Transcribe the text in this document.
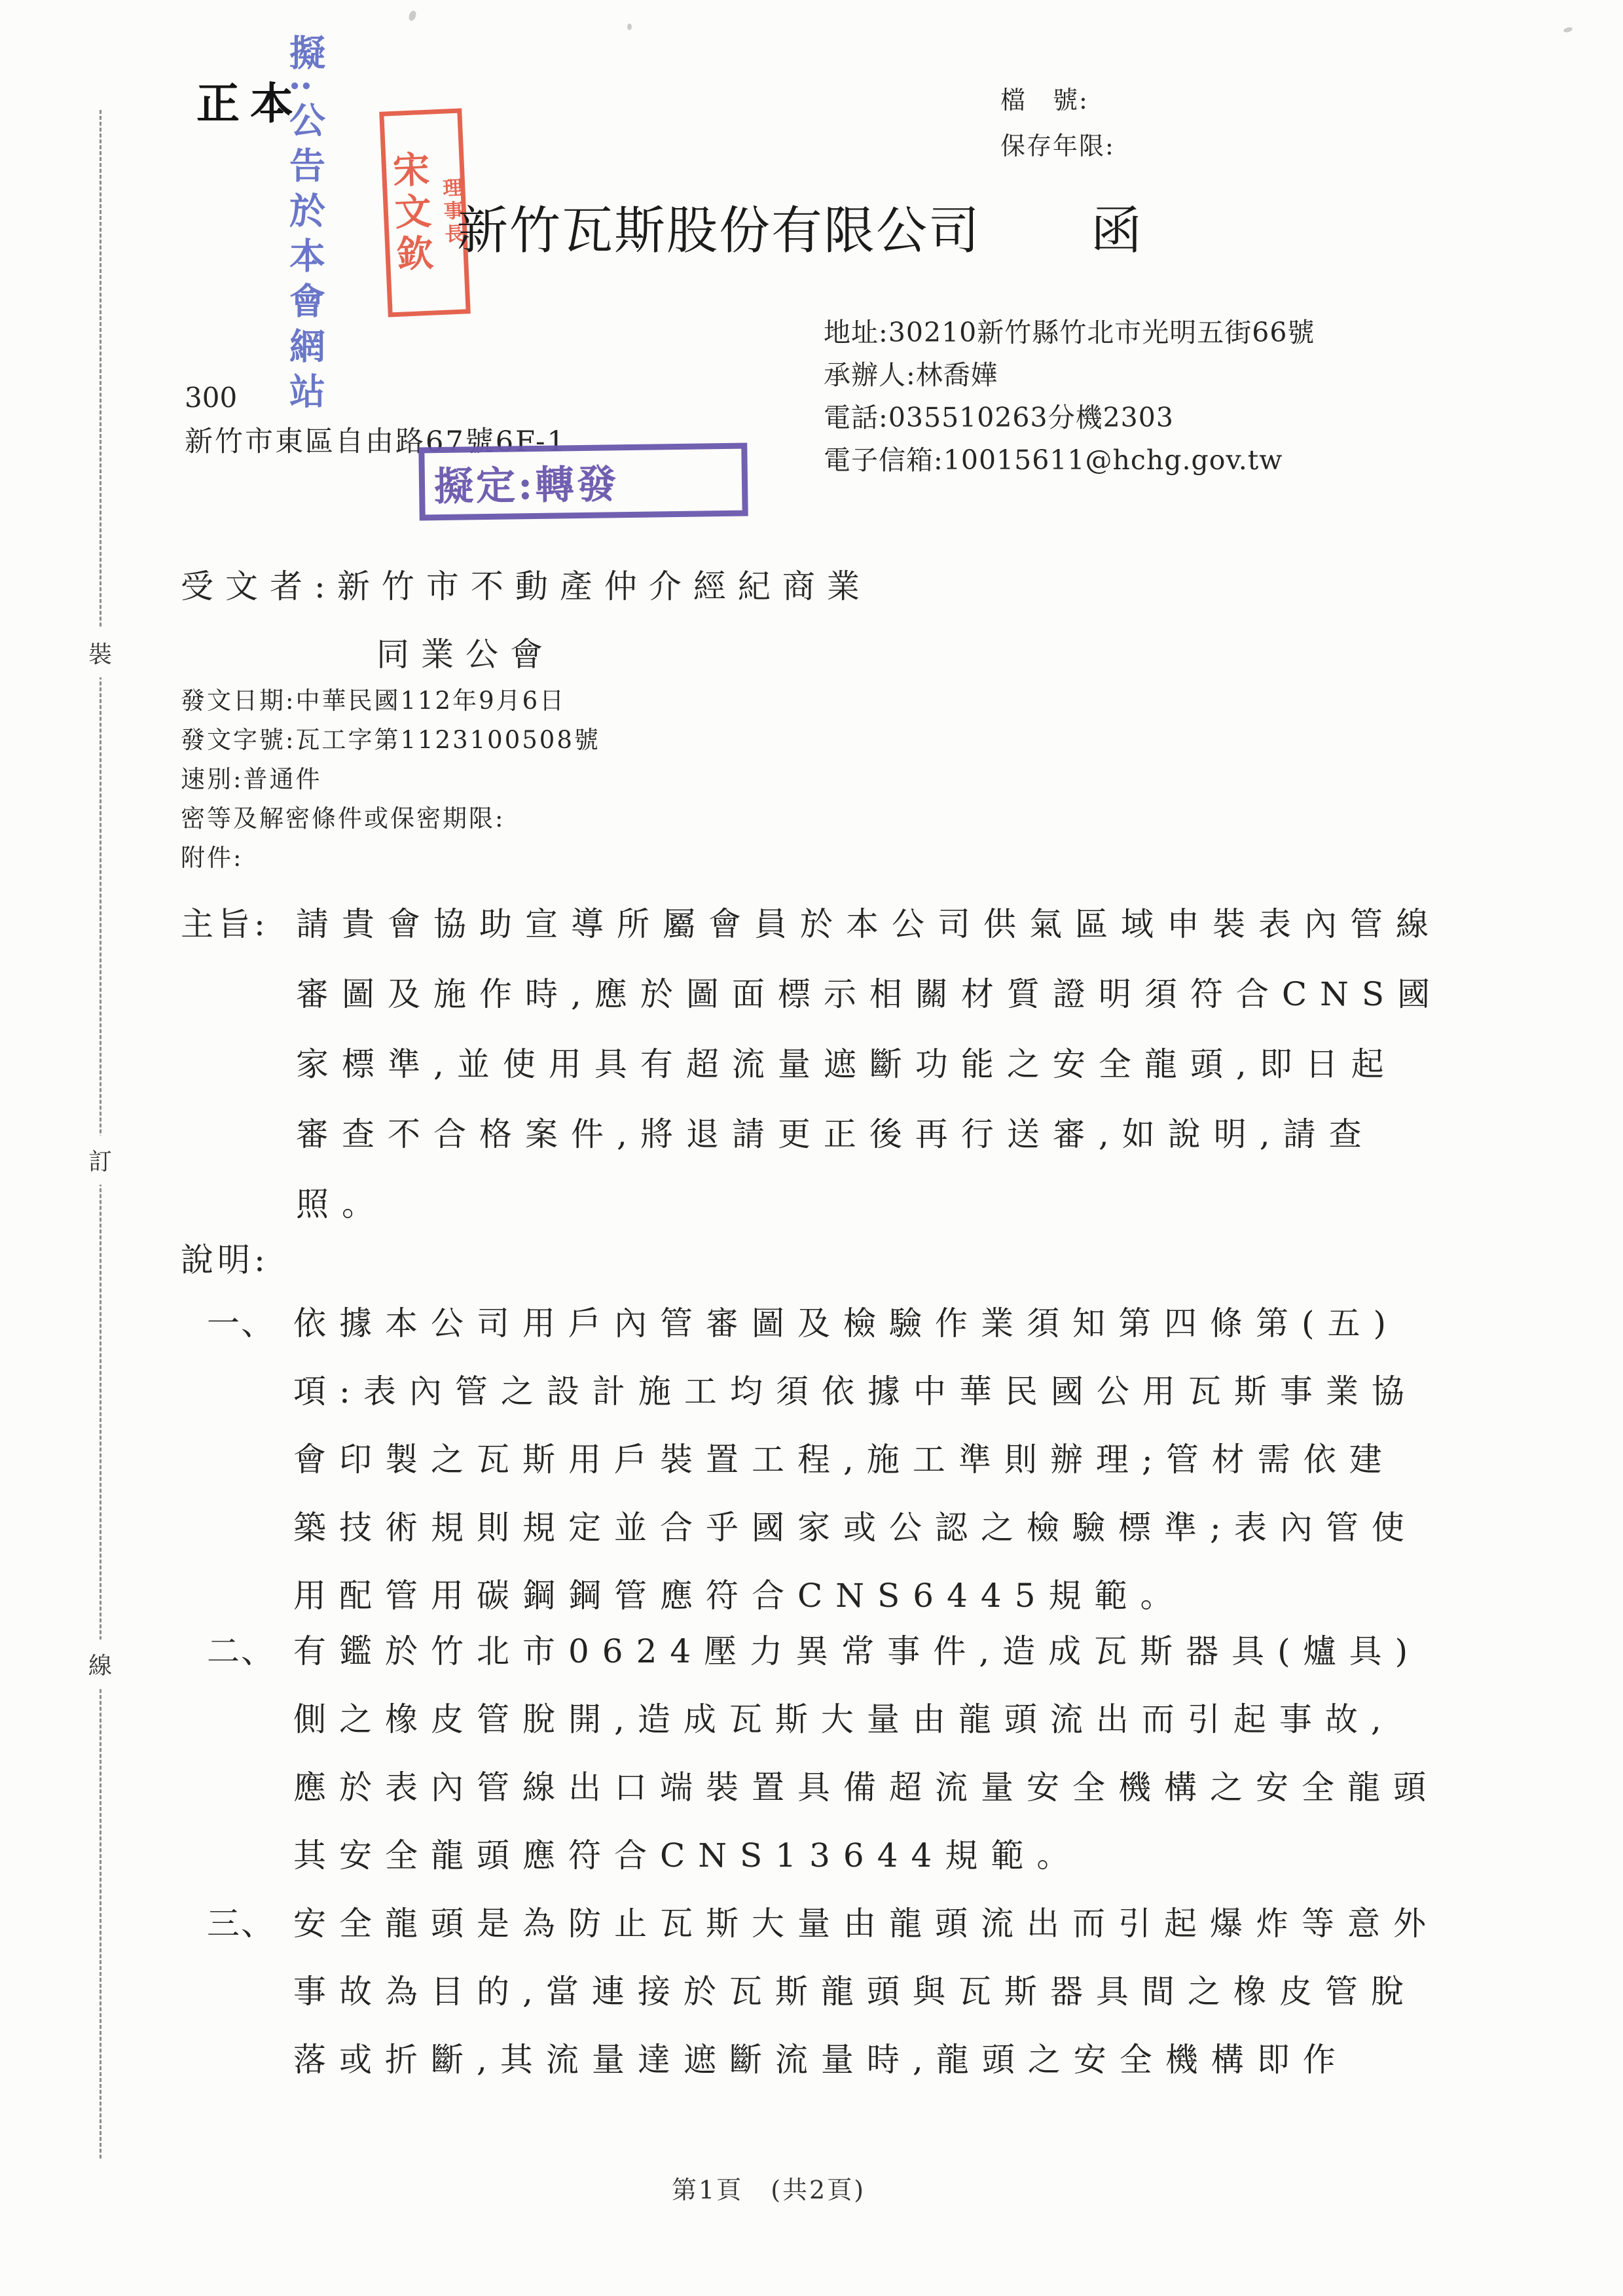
裝
訂
線
正本
擬:公告於本會網站	理事長
宋文欽
檔　號:
保存年限:
新竹瓦斯股份有限公司 函
地址:30210新竹縣竹北市光明五街66號
承辦人:林喬嬅
電話:035510263分機2303
電子信箱:10015611@hchg.gov.tw
300
新竹市東區自由路67號6F-1
擬定:轉發
受文者:新竹市不動產仲介經紀商業
同業公會
發文日期:中華民國112年9月6日
發文字號:瓦工字第1123100508號
速別:普通件
密等及解密條件或保密期限:
附件:
主旨: 請貴會協助宣導所屬會員於本公司供氣區域申裝表內管線
審圖及施作時,應於圖面標示相關材質證明須符合CNS國
家標準,並使用具有超流量遮斷功能之安全龍頭,即日起
審查不合格案件,將退請更正後再行送審,如說明,請查
照。
說明:
一、 依據本公司用戶內管審圖及檢驗作業須知第四條第(五)
項:表內管之設計施工均須依據中華民國公用瓦斯事業協
會印製之瓦斯用戶裝置工程,施工準則辦理;管材需依建
築技術規則規定並合乎國家或公認之檢驗標準;表內管使
用配管用碳鋼鋼管應符合CNS6445規範。
二、 有鑑於竹北市0624壓力異常事件,造成瓦斯器具(爐具)
側之橡皮管脫開,造成瓦斯大量由龍頭流出而引起事故,
應於表內管線出口端裝置具備超流量安全機構之安全龍頭
其安全龍頭應符合CNS13644規範。
三、 安全龍頭是為防止瓦斯大量由龍頭流出而引起爆炸等意外
事故為目的,當連接於瓦斯龍頭與瓦斯器具間之橡皮管脫
落或折斷,其流量達遮斷流量時,龍頭之安全機構即作
第1頁 (共2頁)
